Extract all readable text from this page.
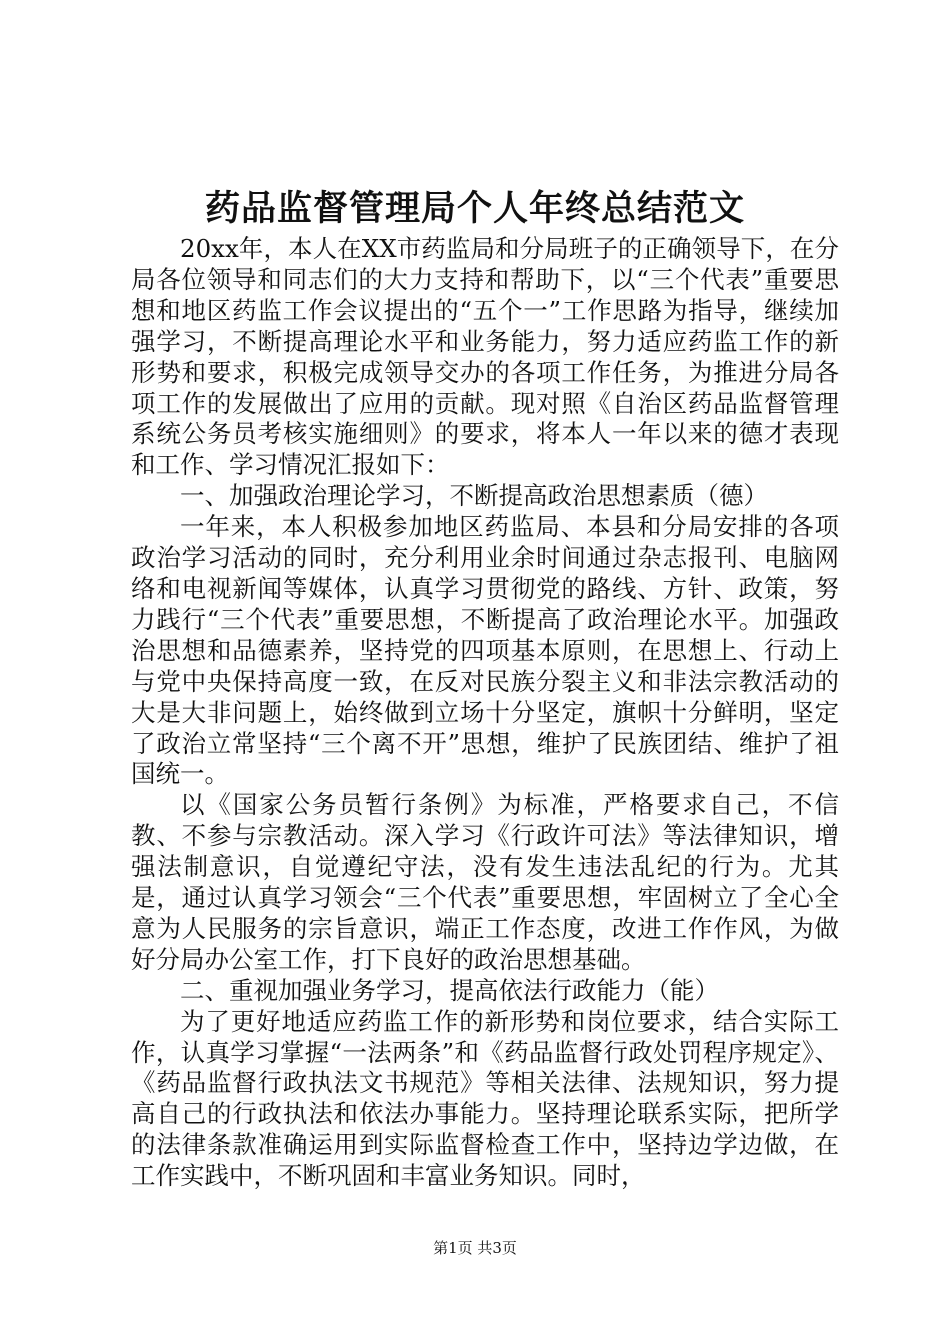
药品监督管理局个人年终总结范文

20xx年，本人在XX市药监局和分局班子的正确领导下，在分局各位领导和同志们的大力支持和帮助下，以“三个代表”重要思想和地区药监工作会议提出的“五个一”工作思路为指导，继续加强学习，不断提高理论水平和业务能力，努力适应药监工作的新形势和要求，积极完成领导交办的各项工作任务，为推进分局各项工作的发展做出了应用的贡献。现对照《自治区药品监督管理系统公务员考核实施细则》的要求，将本人一年以来的德才表现和工作、学习情况汇报如下：

一、加强政治理论学习，不断提高政治思想素质（德）

一年来，本人积极参加地区药监局、本县和分局安排的各项政治学习活动的同时，充分利用业余时间通过杂志报刊、电脑网络和电视新闻等媒体，认真学习贯彻党的路线、方针、政策，努力践行“三个代表”重要思想，不断提高了政治理论水平。加强政治思想和品德素养，坚持党的四项基本原则，在思想上、行动上与党中央保持高度一致，在反对民族分裂主义和非法宗教活动的大是大非问题上，始终做到立场十分坚定，旗帜十分鲜明，坚定了政治立常坚持“三个离不开”思想，维护了民族团结、维护了祖国统一。

以《国家公务员暂行条例》为标准，严格要求自己，不信教、不参与宗教活动。深入学习《行政许可法》等法律知识，增强法制意识，自觉遵纪守法，没有发生违法乱纪的行为。尤其是，通过认真学习领会“三个代表”重要思想，牢固树立了全心全意为人民服务的宗旨意识，端正工作态度，改进工作作风，为做好分局办公室工作，打下良好的政治思想基础。

二、重视加强业务学习，提高依法行政能力（能）

为了更好地适应药监工作的新形势和岗位要求，结合实际工作，认真学习掌握“一法两条”和《药品监督行政处罚程序规定》、《药品监督行政执法文书规范》等相关法律、法规知识，努力提高自己的行政执法和依法办事能力。坚持理论联系实际，把所学的法律条款准确运用到实际监督检查工作中，坚持边学边做，在工作实践中，不断巩固和丰富业务知识。同时，

第1页 共3页
